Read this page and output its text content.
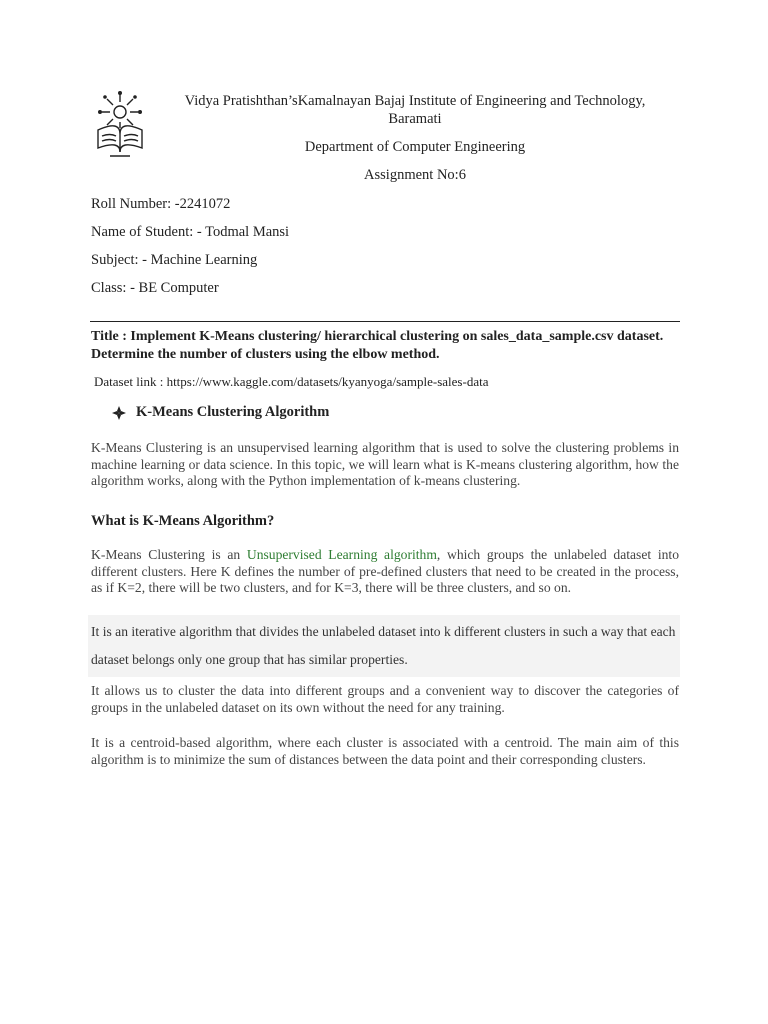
Vidya Pratishthan’sKamalnayan Bajaj Institute of Engineering and Technology,
Baramati
Department of Computer Engineering
Assignment No:6
Roll Number: -2241072
Name of Student: - Todmal Mansi
Subject: - Machine Learning
Class: - BE Computer
Title : Implement K-Means clustering/ hierarchical clustering on sales_data_sample.csv dataset. Determine the number of clusters using the elbow method.
Dataset link : https://www.kaggle.com/datasets/kyanyoga/sample-sales-data
K-Means Clustering Algorithm
K-Means Clustering is an unsupervised learning algorithm that is used to solve the clustering problems in machine learning or data science. In this topic, we will learn what is K-means clustering algorithm, how the algorithm works, along with the Python implementation of k-means clustering.
What is K-Means Algorithm?
K-Means Clustering is an Unsupervised Learning algorithm, which groups the unlabeled dataset into different clusters. Here K defines the number of pre-defined clusters that need to be created in the process, as if K=2, there will be two clusters, and for K=3, there will be three clusters, and so on.
It is an iterative algorithm that divides the unlabeled dataset into k different clusters in such a way that each
dataset belongs only one group that has similar properties.
It allows us to cluster the data into different groups and a convenient way to discover the categories of groups in the unlabeled dataset on its own without the need for any training.
It is a centroid-based algorithm, where each cluster is associated with a centroid. The main aim of this algorithm is to minimize the sum of distances between the data point and their corresponding clusters.
